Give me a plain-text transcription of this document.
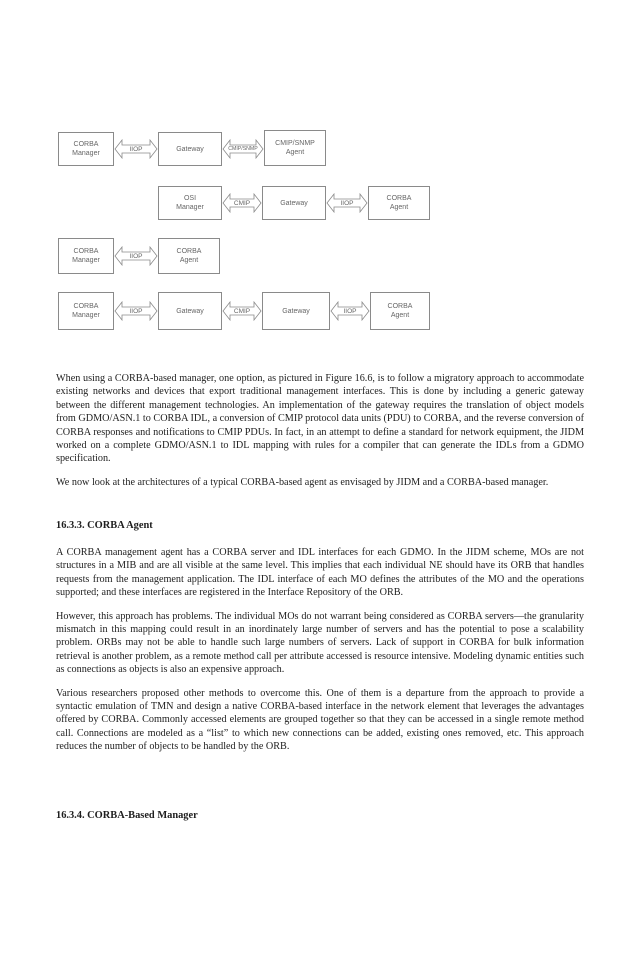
CORBA
Manager
IIOP	Gateway	CMIP/SNMP
CMIP/SNMP
Agent
OSI
Manager
CMIP	Gateway	IIOP
CORBA
Agent
CORBA
Manager
IIOP
CORBA
Agent
CORBA
Manager
IIOP	Gateway	CMIP	Gateway	IIOP
CORBA
Agent

When using a CORBA-based manager, one option, as pictured in Figure 16.6, is to follow a migratory approach to accommodate existing networks and devices that export traditional management interfaces. This is done by including a generic gateway between the different management technologies. An implementation of the gateway requires the translation of object models from GDMO/ASN.1 to CORBA IDL, a conversion of CMIP protocol data units (PDU) to CORBA, and the reverse conversion of CORBA responses and notifications to CMIP PDUs. In fact, in an attempt to define a standard for network equipment, the JIDM worked on a complete GDMO/ASN.1 to IDL mapping with rules for a compiler that can generate the IDLs from a GDMO specification.

We now look at the architectures of a typical CORBA-based agent as envisaged by JIDM and a CORBA-based manager.

16.3.3. CORBA Agent

A CORBA management agent has a CORBA server and IDL interfaces for each GDMO. In the JIDM scheme, MOs are not structures in a MIB and are all visible at the same level. This implies that each individual NE should have its ORB that handles requests from the management application. The IDL interface of each MO defines the attributes of the MO and the operations supported; and these interfaces are registered in the Interface Repository of the ORB.

However, this approach has problems. The individual MOs do not warrant being considered as CORBA servers—the granularity mismatch in this mapping could result in an inordinately large number of servers and has the potential to pose a scalability problem. ORBs may not be able to handle such large numbers of servers. Lack of support in CORBA for bulk information retrieval is another problem, as a remote method call per attribute accessed is resource intensive. Modeling dynamic entities such as connections as objects is also an expensive approach.

Various researchers proposed other methods to overcome this. One of them is a departure from the approach to provide a syntactic emulation of TMN and design a native CORBA-based interface in the network element that leverages the advantages offered by CORBA. Commonly accessed elements are grouped together so that they can be accessed in a single remote method call. Connections are modeled as a “list” to which new connections can be added, existing ones removed, etc. This approach reduces the number of objects to be handled by the ORB.

16.3.4. CORBA-Based Manager
